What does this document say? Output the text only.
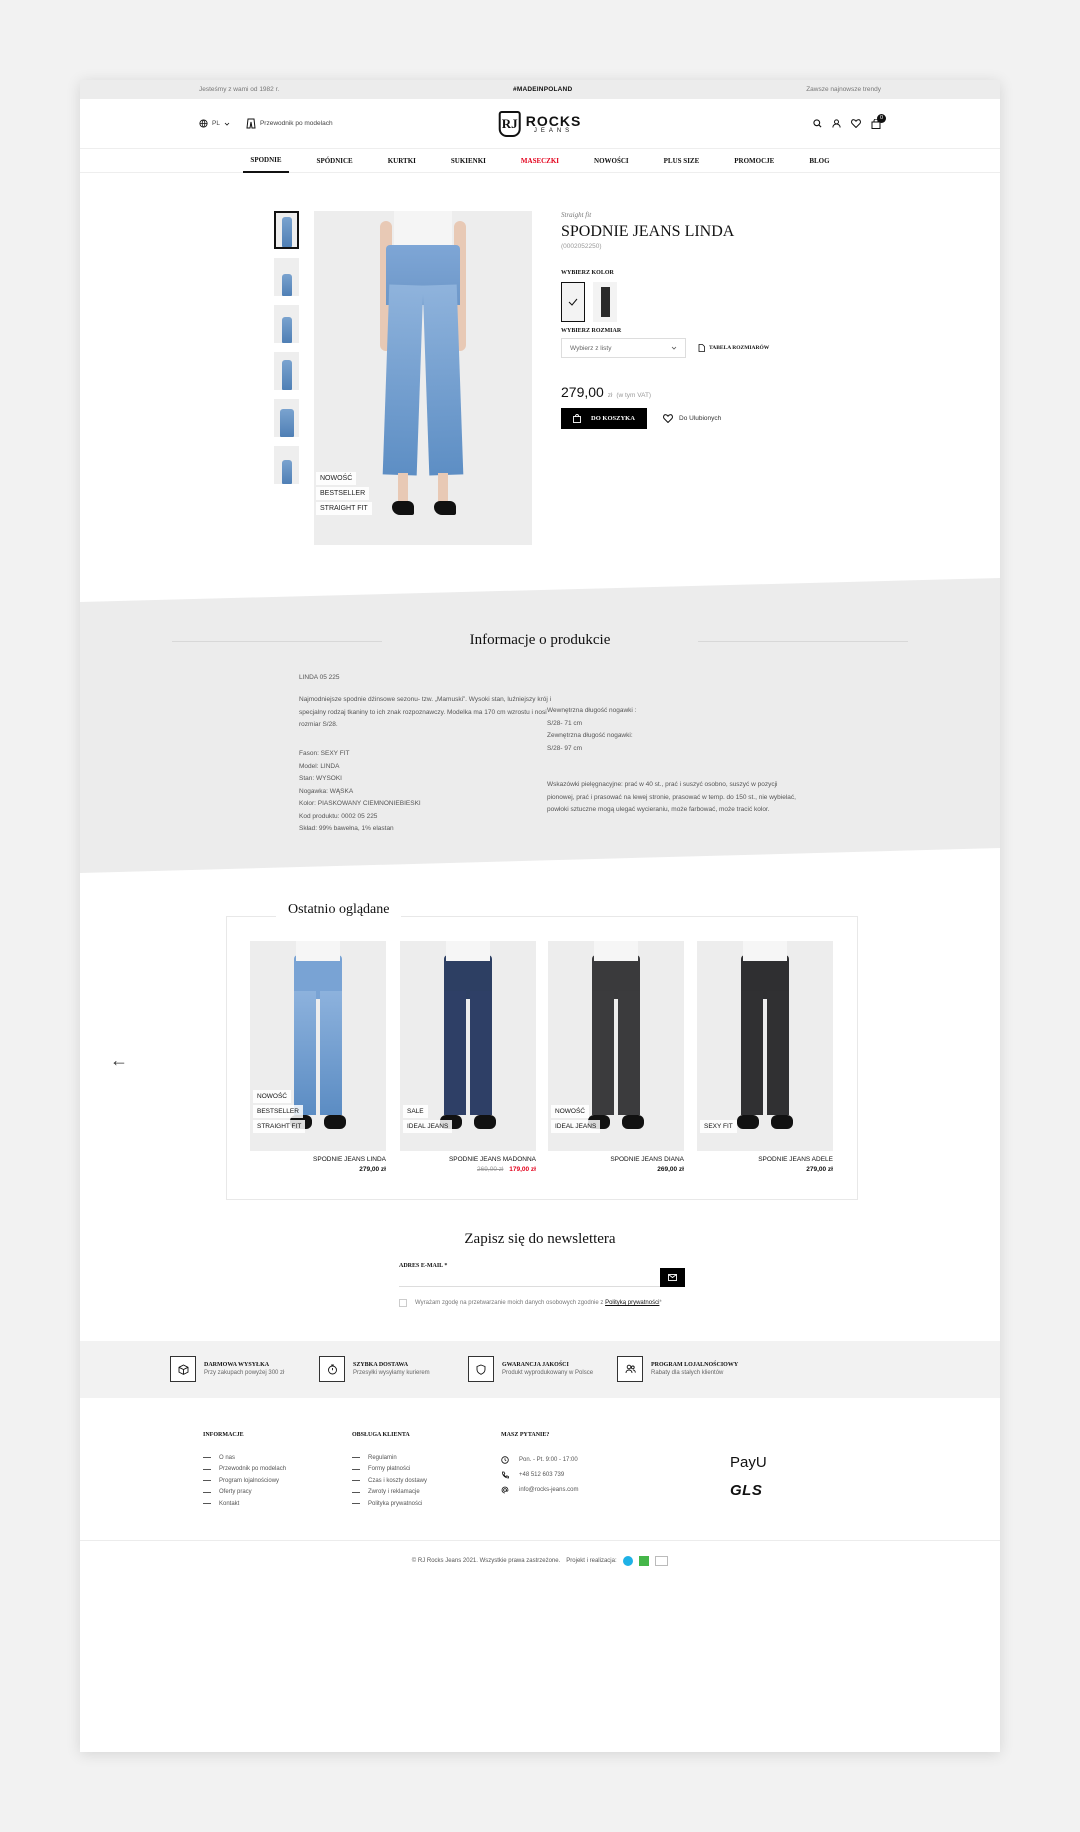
Jesteśmy z wami od 1982 r.	#MADEINPOLAND	Zawsze najnowsze trendy
PL	Przewodnik po modelach	RJ ROCKS
JEANS
0
SPODNIE	SPÓDNICE	KURTKI	SUKIENKI	MASECZKI	NOWOŚCI	PLUS SIZE	PROMOCJE	BLOG
NOWOŚĆ
BESTSELLER
STRAIGHT FIT
Straight fit
SPODNIE JEANS LINDA
(0002052250)
WYBIERZ KOLOR
WYBIERZ ROZMIAR
Wybierz z listy	TABELA ROZMIARÓW
279,00 zł (w tym VAT)
DO KOSZYKA	Do Ulubionych
Informacje o produkcie
LINDA 05 225
Najmodniejsze spodnie dżinsowe sezonu- tzw. „Mamuski”. Wysoki stan, luźniejszy krój i
specjalny rodzaj tkaniny to ich znak rozpoznawczy. Modelka ma 170 cm wzrostu i nosi
rozmiar S/28.
Wewnętrzna długość nogawki :
S/28- 71 cm
Zewnętrzna długość nogawki:
S/28- 97 cm
Fason: SEXY FIT
Model: LINDA
Stan: WYSOKI
Nogawka: WĄSKA
Kolor: PIASKOWANY CIEMNONIEBIESKI
Kod produktu: 0002 05 225
Skład: 99% bawełna, 1% elastan
Wskazówki pielęgnacyjne: prać w 40 st., prać i suszyć osobno, suszyć w pozycji
pionowej, prać i prasować na lewej stronie, prasować w temp. do 150 st., nie wybielać,
powłoki sztuczne mogą ulegać wycieraniu, może farbować, może tracić kolor.
Ostatnio oglądane
←
NOWOŚĆ
BESTSELLER
STRAIGHT FIT
SPODNIE JEANS LINDA
279,00 zł
SALE
IDEAL JEANS
SPODNIE JEANS MADONNA
269,00 zł 179,00 zł
NOWOŚĆ
IDEAL JEANS
SPODNIE JEANS DIANA
269,00 zł
SEXY FIT
SPODNIE JEANS ADELE
279,00 zł
Zapisz się do newslettera
ADRES E-MAIL *
Wyrażam zgodę na przetwarzanie moich danych osobowych zgodnie z Polityką prywatności*
DARMOWA WYSYŁKA
Przy zakupach powyżej 300 zł
SZYBKA DOSTAWA
Przesyłki wysyłamy kurierem
GWARANCJA JAKOŚCI
Produkt wyprodukowany w Polsce
PROGRAM LOJALNOŚCIOWY
Rabaty dla stałych klientów
INFORMACJE
O nas
Przewodnik po modelach
Program lojalnościowy
Oferty pracy
Kontakt
OBSŁUGA KLIENTA
Regulamin
Formy płatności
Czas i koszty dostawy
Zwroty i reklamacje
Polityka prywatności
MASZ PYTANIE?
Pon. - Pt. 9:00 - 17:00
+48 512 603 739
info@rocks-jeans.com
PayU
GLS
© RJ Rocks Jeans 2021. Wszystkie prawa zastrzeżone. Projekt i realizacja:
